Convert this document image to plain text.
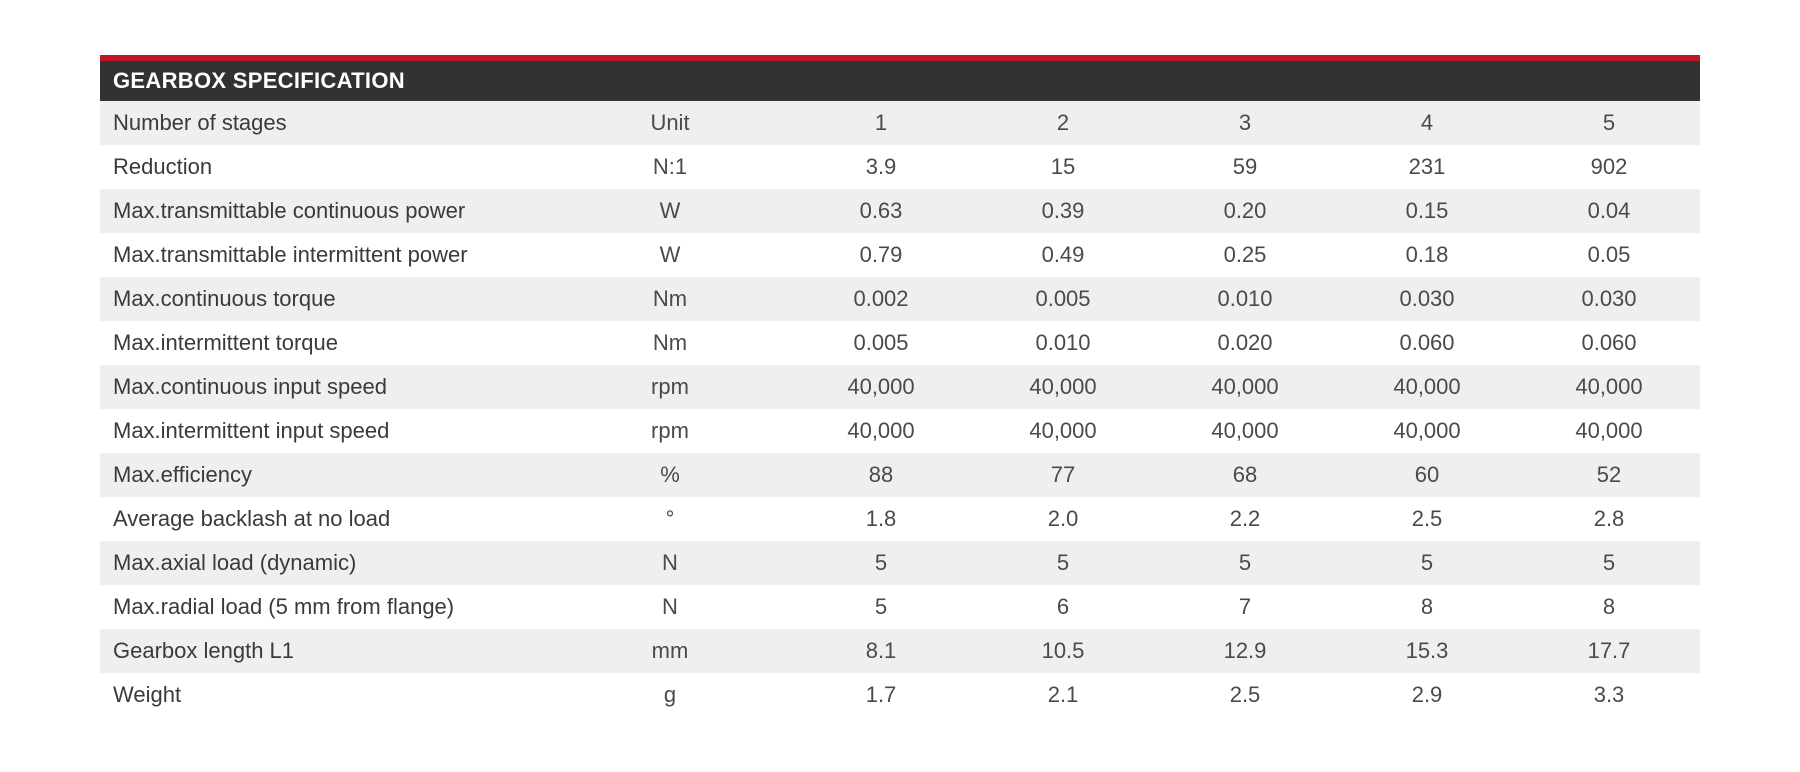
GEARBOX SPECIFICATION
Number of stages	Unit	1	2	3	4	5
Reduction	N:1	3.9	15	59	231	902
Max.transmittable continuous power	W	0.63	0.39	0.20	0.15	0.04
Max.transmittable intermittent power	W	0.79	0.49	0.25	0.18	0.05
Max.continuous torque	Nm	0.002	0.005	0.010	0.030	0.030
Max.intermittent torque	Nm	0.005	0.010	0.020	0.060	0.060
Max.continuous input speed	rpm	40,000	40,000	40,000	40,000	40,000
Max.intermittent input speed	rpm	40,000	40,000	40,000	40,000	40,000
Max.efficiency	%	88	77	68	60	52
Average backlash at no load	°	1.8	2.0	2.2	2.5	2.8
Max.axial load (dynamic)	N	5	5	5	5	5
Max.radial load (5 mm from flange)	N	5	6	7	8	8
Gearbox length L1	mm	8.1	10.5	12.9	15.3	17.7
Weight	g	1.7	2.1	2.5	2.9	3.3
